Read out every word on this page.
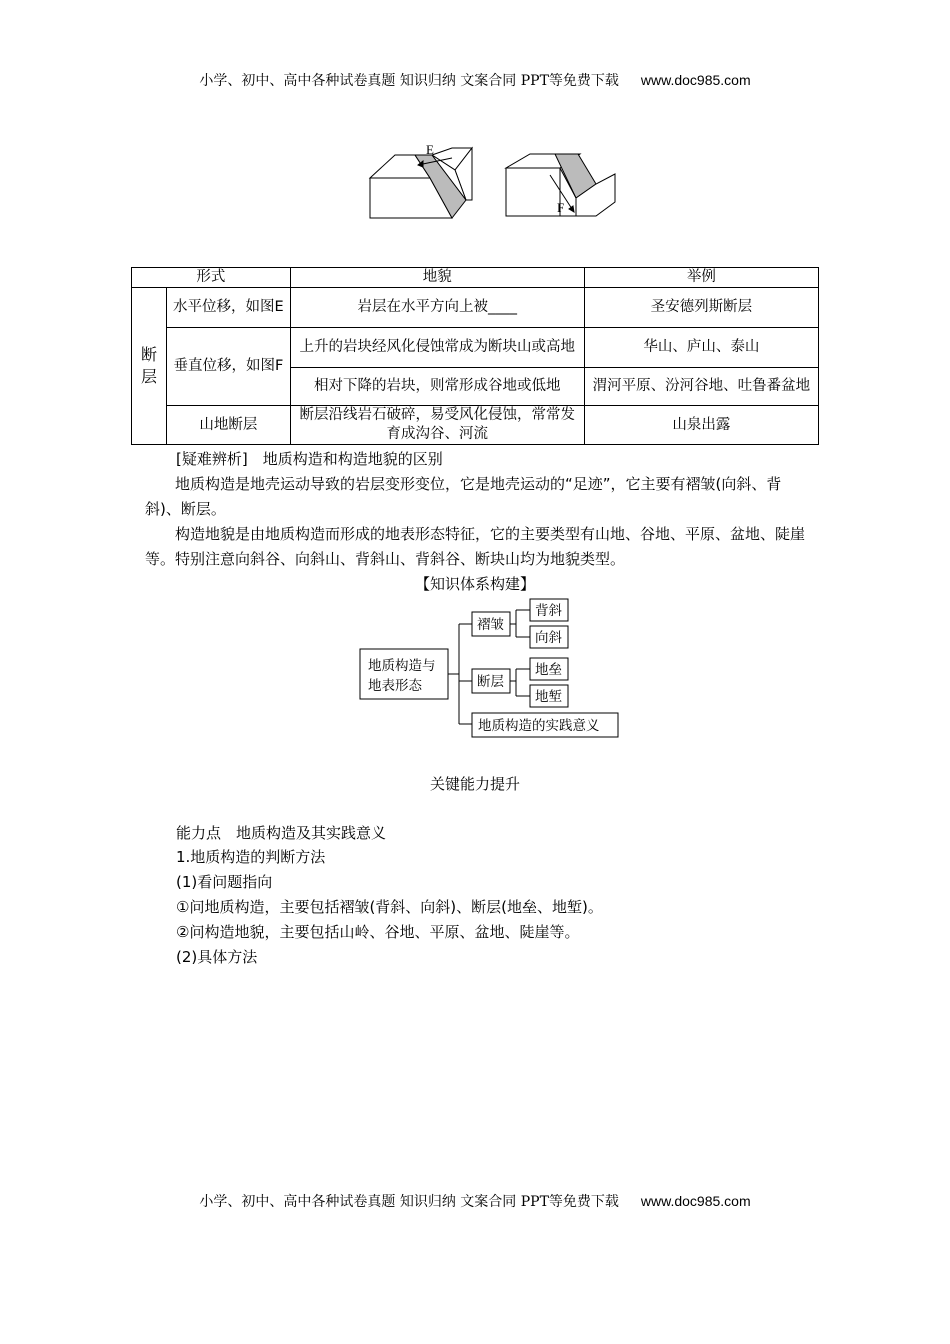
小学、初中、高中各种试卷真题 知识归纳 文案合同 PPT等免费下载 www.doc985.com
E
F
形式		地貌	举例
断层	水平位移，如图E	岩层在水平方向上被____	圣安德列斯断层
	垂直位移，如图F	上升的岩块经风化侵蚀常成为断块山或高地	华山、庐山、泰山
		相对下降的岩块，则常形成谷地或低地	渭河平原、汾河谷地、吐鲁番盆地
	山地断层	断层沿线岩石破碎，易受风化侵蚀，常常发育成沟谷、河流	山泉出露
[疑难辨析]　地质构造和构造地貌的区别
地质构造是地壳运动导致的岩层变形变位，它是地壳运动的“足迹”，它主要有褶皱(向斜、背斜)、断层。
构造地貌是由地质构造而形成的地表形态特征，它的主要类型有山地、谷地、平原、盆地、陡崖等。特别注意向斜谷、向斜山、背斜山、背斜谷、断块山均为地貌类型。
【知识体系构建】
地质构造与
褶皱
断层
地质构造的实践意义
背斜
向斜
地垒
地堑
地表形态
关键能力提升
能力点　地质构造及其实践意义
1.地质构造的判断方法
(1)看问题指向
①问地质构造，主要包括褶皱(背斜、向斜)、断层(地垒、地堑)。
②问构造地貌，主要包括山岭、谷地、平原、盆地、陡崖等。
(2)具体方法
小学、初中、高中各种试卷真题 知识归纳 文案合同 PPT等免费下载 www.doc985.com
